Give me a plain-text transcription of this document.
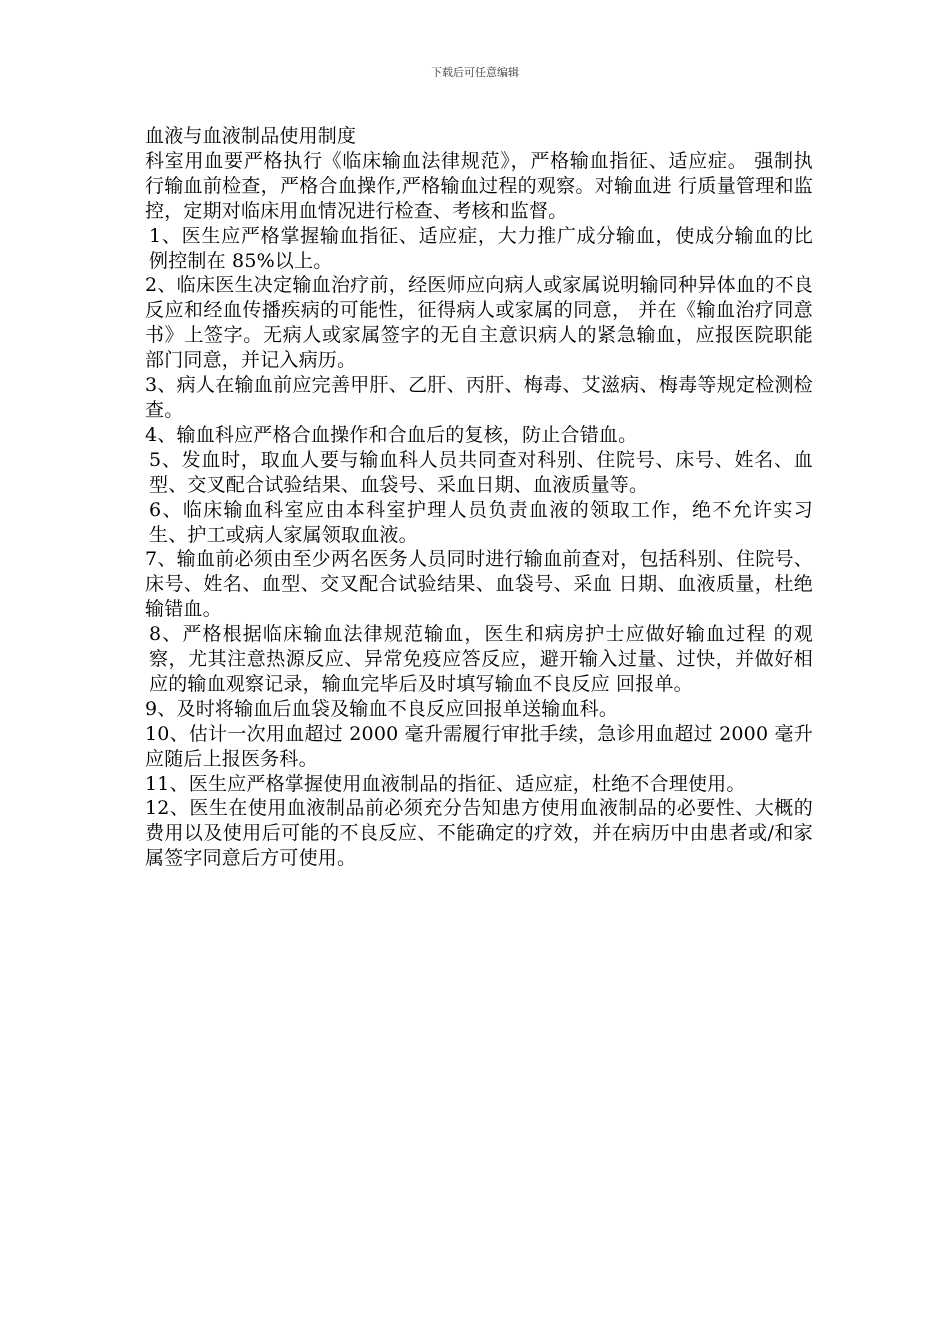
下载后可任意编辑

血液与血液制品使用制度

科室用血要严格执行《临床输血法律规范》，严格输血指征、适应症。 强制执行输血前检查，严格合血操作,严格输血过程的观察。对输血进 行质量管理和监控，定期对临床用血情况进行检查、考核和监督。

1、医生应严格掌握输血指征、适应症，大力推广成分输血，使成分输血的比例控制在 85%以上。

2、临床医生决定输血治疗前，经医师应向病人或家属说明输同种异体血的不良反应和经血传播疾病的可能性，征得病人或家属的同意， 并在《输血治疗同意书》上签字。无病人或家属签字的无自主意识病人的紧急输血，应报医院职能部门同意，并记入病历。

3、病人在输血前应完善甲肝、乙肝、丙肝、梅毒、艾滋病、梅毒等规定检测检查。

4、输血科应严格合血操作和合血后的复核，防止合错血。

5、发血时，取血人要与输血科人员共同查对科别、住院号、床号、姓名、血型、交叉配合试验结果、血袋号、采血日期、血液质量等。

6、临床输血科室应由本科室护理人员负责血液的领取工作，绝不允许实习生、护工或病人家属领取血液。

7、输血前必须由至少两名医务人员同时进行输血前查对，包括科别、住院号、床号、姓名、血型、交叉配合试验结果、血袋号、采血 日期、血液质量，杜绝输错血。

8、严格根据临床输血法律规范输血，医生和病房护士应做好输血过程 的观察，尤其注意热源反应、异常免疫应答反应，避开输入过量、过快，并做好相应的输血观察记录，输血完毕后及时填写输血不良反应 回报单。

9、及时将输血后血袋及输血不良反应回报单送输血科。

10、估计一次用血超过 2000 毫升需履行审批手续，急诊用血超过 2000 毫升应随后上报医务科。

11、医生应严格掌握使用血液制品的指征、适应症，杜绝不合理使用。

12、医生在使用血液制品前必须充分告知患方使用血液制品的必要性、大概的费用以及使用后可能的不良反应、不能确定的疗效，并在病历中由患者或/和家属签字同意后方可使用。
